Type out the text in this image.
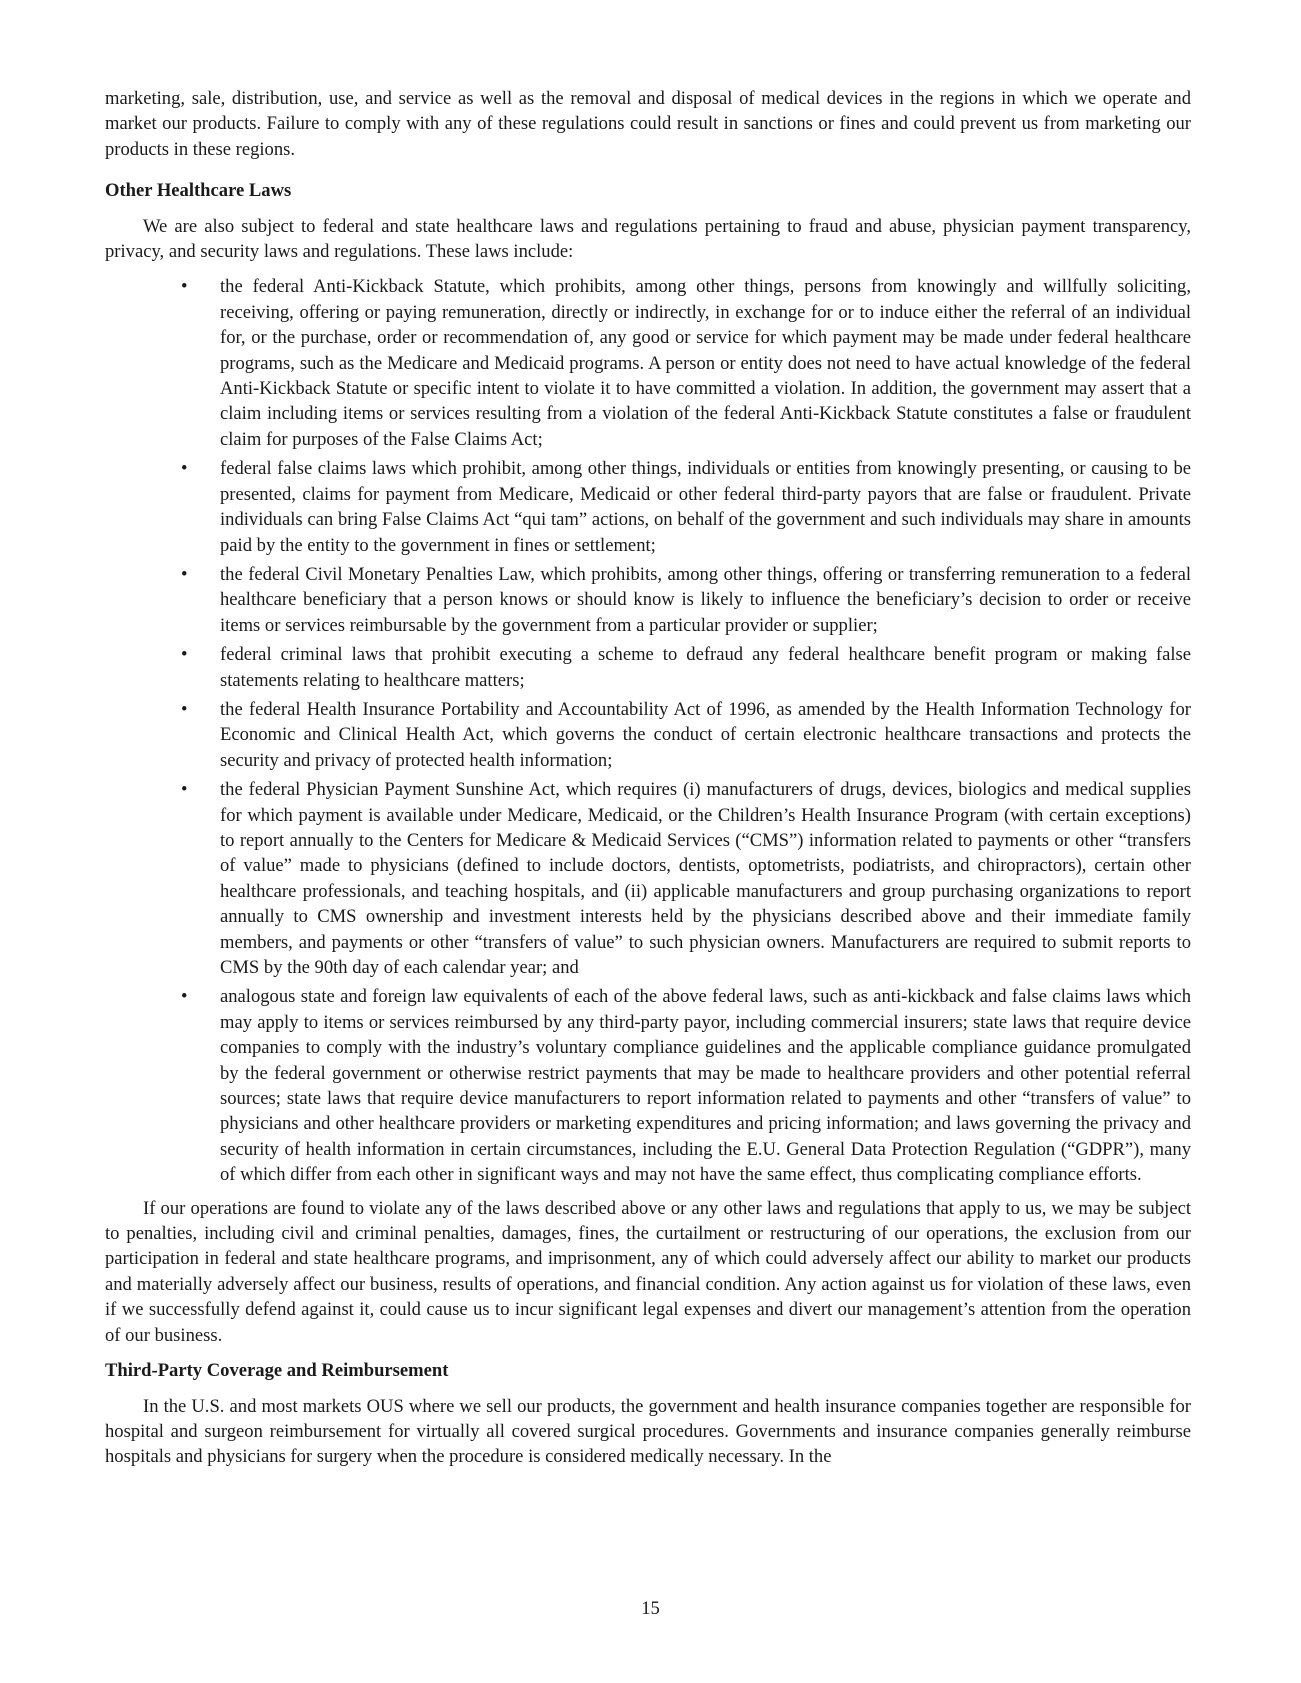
marketing, sale, distribution, use, and service as well as the removal and disposal of medical devices in the regions in which we operate and market our products. Failure to comply with any of these regulations could result in sanctions or fines and could prevent us from marketing our products in these regions.

Other Healthcare Laws

We are also subject to federal and state healthcare laws and regulations pertaining to fraud and abuse, physician payment transparency, privacy, and security laws and regulations. These laws include:

• the federal Anti-Kickback Statute, which prohibits, among other things, persons from knowingly and willfully soliciting, receiving, offering or paying remuneration, directly or indirectly, in exchange for or to induce either the referral of an individual for, or the purchase, order or recommendation of, any good or service for which payment may be made under federal healthcare programs, such as the Medicare and Medicaid programs. A person or entity does not need to have actual knowledge of the federal Anti-Kickback Statute or specific intent to violate it to have committed a violation. In addition, the government may assert that a claim including items or services resulting from a violation of the federal Anti-Kickback Statute constitutes a false or fraudulent claim for purposes of the False Claims Act;
• federal false claims laws which prohibit, among other things, individuals or entities from knowingly presenting, or causing to be presented, claims for payment from Medicare, Medicaid or other federal third-party payors that are false or fraudulent. Private individuals can bring False Claims Act “qui tam” actions, on behalf of the government and such individuals may share in amounts paid by the entity to the government in fines or settlement;
• the federal Civil Monetary Penalties Law, which prohibits, among other things, offering or transferring remuneration to a federal healthcare beneficiary that a person knows or should know is likely to influence the beneficiary’s decision to order or receive items or services reimbursable by the government from a particular provider or supplier;
• federal criminal laws that prohibit executing a scheme to defraud any federal healthcare benefit program or making false statements relating to healthcare matters;
• the federal Health Insurance Portability and Accountability Act of 1996, as amended by the Health Information Technology for Economic and Clinical Health Act, which governs the conduct of certain electronic healthcare transactions and protects the security and privacy of protected health information;
• the federal Physician Payment Sunshine Act, which requires (i) manufacturers of drugs, devices, biologics and medical supplies for which payment is available under Medicare, Medicaid, or the Children’s Health Insurance Program (with certain exceptions) to report annually to the Centers for Medicare & Medicaid Services (“CMS”) information related to payments or other “transfers of value” made to physicians (defined to include doctors, dentists, optometrists, podiatrists, and chiropractors), certain other healthcare professionals, and teaching hospitals, and (ii) applicable manufacturers and group purchasing organizations to report annually to CMS ownership and investment interests held by the physicians described above and their immediate family members, and payments or other “transfers of value” to such physician owners. Manufacturers are required to submit reports to CMS by the 90th day of each calendar year; and
• analogous state and foreign law equivalents of each of the above federal laws, such as anti-kickback and false claims laws which may apply to items or services reimbursed by any third-party payor, including commercial insurers; state laws that require device companies to comply with the industry’s voluntary compliance guidelines and the applicable compliance guidance promulgated by the federal government or otherwise restrict payments that may be made to healthcare providers and other potential referral sources; state laws that require device manufacturers to report information related to payments and other “transfers of value” to physicians and other healthcare providers or marketing expenditures and pricing information; and laws governing the privacy and security of health information in certain circumstances, including the E.U. General Data Protection Regulation (“GDPR”), many of which differ from each other in significant ways and may not have the same effect, thus complicating compliance efforts.

If our operations are found to violate any of the laws described above or any other laws and regulations that apply to us, we may be subject to penalties, including civil and criminal penalties, damages, fines, the curtailment or restructuring of our operations, the exclusion from our participation in federal and state healthcare programs, and imprisonment, any of which could adversely affect our ability to market our products and materially adversely affect our business, results of operations, and financial condition. Any action against us for violation of these laws, even if we successfully defend against it, could cause us to incur significant legal expenses and divert our management’s attention from the operation of our business.

Third-Party Coverage and Reimbursement

In the U.S. and most markets OUS where we sell our products, the government and health insurance companies together are responsible for hospital and surgeon reimbursement for virtually all covered surgical procedures. Governments and insurance companies generally reimburse hospitals and physicians for surgery when the procedure is considered medically necessary. In the

15
